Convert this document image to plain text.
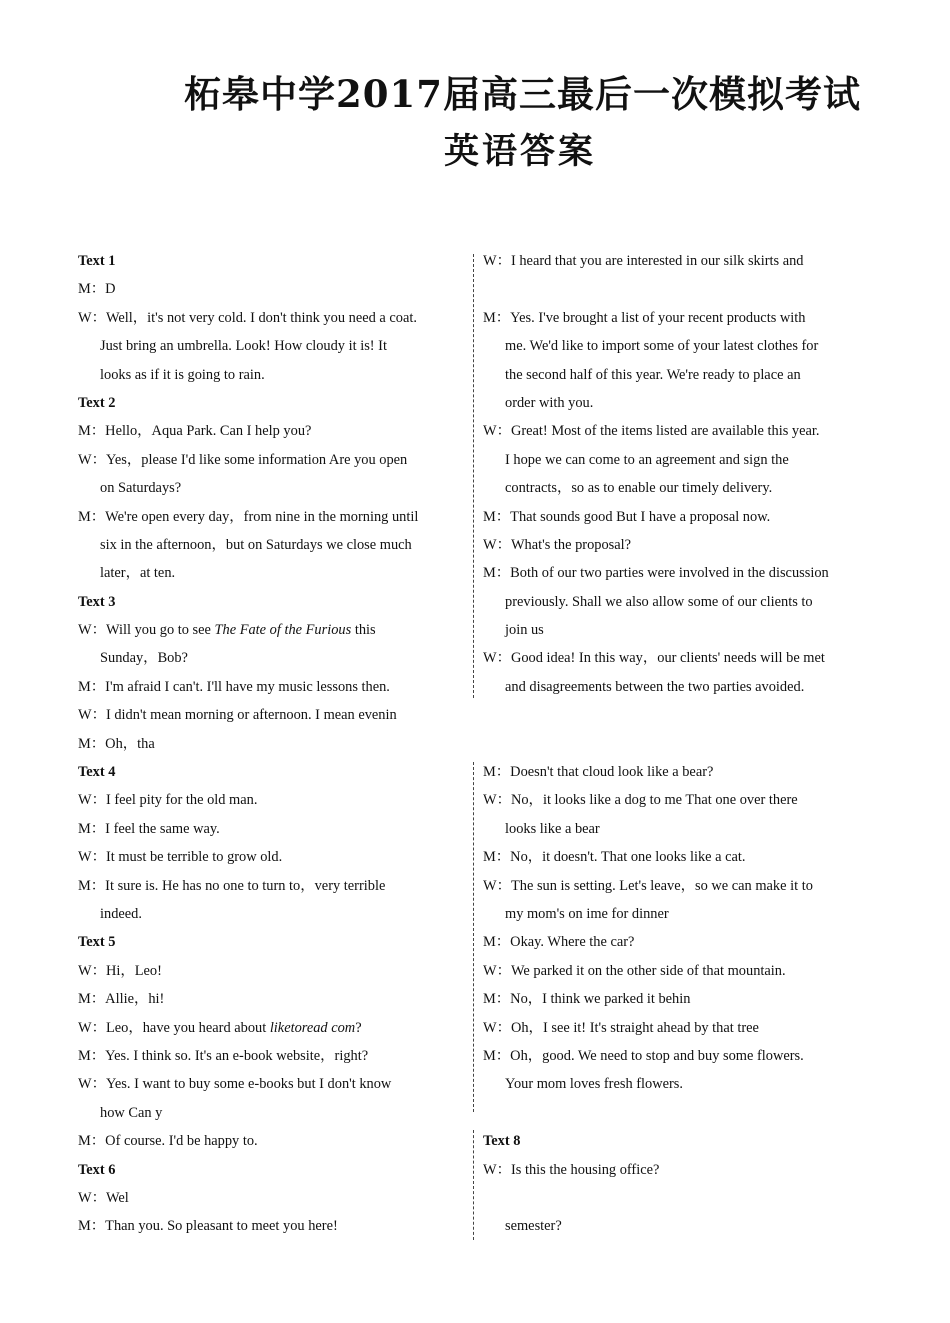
柘皋中学2017届高三最后一次模拟考试
英语答案
Text 1
M：D
W：Well，it's not very cold. I don't think you need a coat.
Just bring an umbrella. Look! How cloudy it is! It
looks as if it is going to rain.
Text 2
M：Hello，Aqua Park. Can I help you?
W：Yes，please I'd like some information Are you open
on Saturdays?
M：We're open every day，from nine in the morning until
six in the afternoon，but on Saturdays we close much
later，at ten.
Text 3
W：Will you go to see The Fate of the Furious this
Sunday，Bob?
M：I'm afraid I can't. I'll have my music lessons then.
W：I didn't mean morning or afternoon. I mean evenin
M：Oh，tha
Text 4
W：I feel pity for the old man.
M：I feel the same way.
W：It must be terrible to grow old.
M：It sure is. He has no one to turn to，very terrible
indeed.
Text 5
W：Hi，Leo!
M：Allie，hi!
W：Leo，have you heard about liketoread com?
M：Yes. I think so. It's an e-book website，right?
W：Yes. I want to buy some e-books but I don't know
how Can y
M：Of course. I'd be happy to.
Text 6
W：Wel
M：Than you. So pleasant to meet you here!
W：I heard that you are interested in our silk skirts and

M：Yes. I've brought a list of your recent products with
me. We'd like to import some of your latest clothes for
the second half of this year. We're ready to place an
order with you.
W：Great! Most of the items listed are available this year.
I hope we can come to an agreement and sign the
contracts，so as to enable our timely delivery.
M：That sounds good But I have a proposal now.
W：What's the proposal?
M：Both of our two parties were involved in the discussion
previously. Shall we also allow some of our clients to
join us
W：Good idea! In this way，our clients' needs will be met
and disagreements between the two parties avoided.

M：Doesn't that cloud look like a bear?
W：No，it looks like a dog to me That one over there
looks like a bear
M：No，it doesn't. That one looks like a cat.
W：The sun is setting. Let's leave，so we can make it to
my mom's on ime for dinner
M：Okay. Where the car?
W：We parked it on the other side of that mountain.
M：No，I think we parked it behin
W：Oh，I see it! It's straight ahead by that tree
M：Oh，good. We need to stop and buy some flowers.
Your mom loves fresh flowers.

Text 8
W：Is this the housing office?

semester?
